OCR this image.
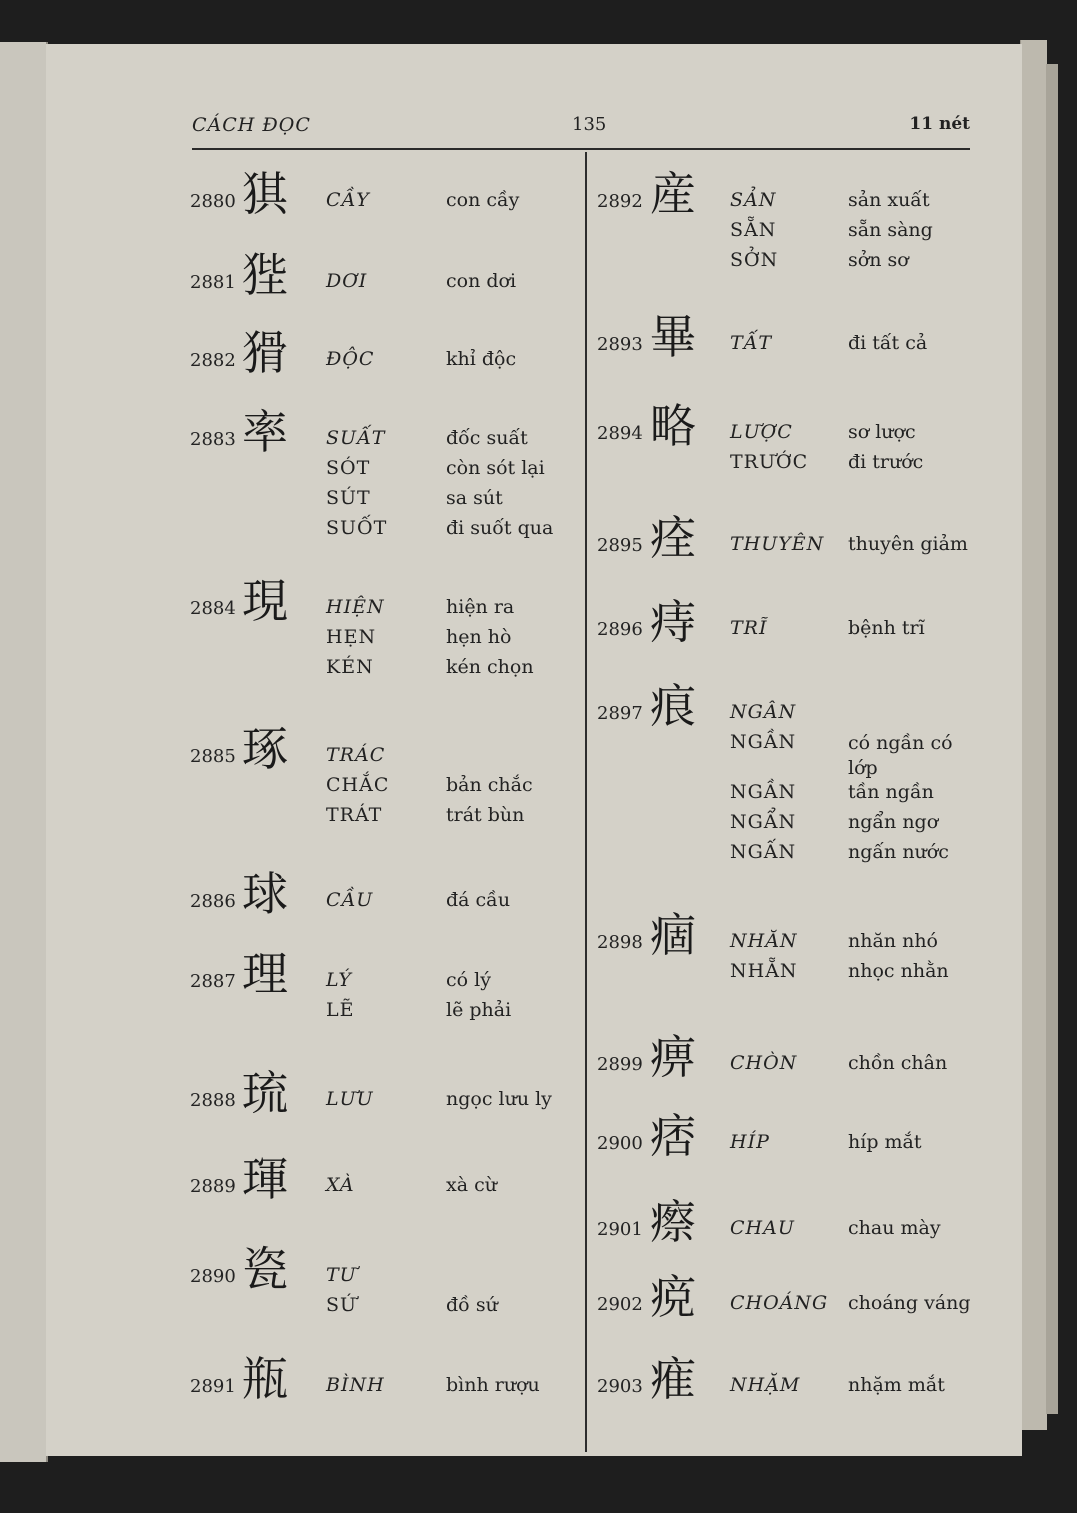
CÁCH ĐỌC	135	11 nét
2880 猉 CẦY	con cầy
2881 狴 DƠI	con dơi
2882 猾 ĐỘC	khỉ độc
2883 率 SUẤT	đốc suất
SÓT	còn sót lại
SÚT	sa sút
SUỐT	đi suốt qua
2884 現 HIỆN	hiện ra
HẸN	hẹn hò
KÉN	kén chọn
2885 琢 TRÁC
CHẮC	bản chắc
TRÁT	trát bùn
2886 球 CẦU	đá cầu
2887 理 LÝ	có lý
LẼ	lẽ phải
2888 琉 LƯU	ngọc lưu ly
2889 琿 XÀ	xà cừ
2890 瓷 TƯ
SỨ	đồ sứ
2891 瓶 BÌNH	bình rượu
2892 産 SẢN	sản xuất
SẴN	sẵn sàng
SỞN	sởn sơ
2893 畢 TẤT	đi tất cả
2894 略 LƯỢC	sơ lược
TRƯỚC đi trước
2895 痊 THUYÊN thuyên giảm
2896 痔 TRĨ	bệnh trĩ
2897 痕 NGÂN
NGẦN	có ngần có lớp
NGẦN	tần ngần
NGẨN	ngẩn ngơ
NGẤN	ngấn nước
2898 痼 NHĂN	nhăn nhó
NHẴN	nhọc nhằn
2899 痹 CHÒN	chồn chân
2900 痞 HÍP	híp mắt
2901 瘵 CHAU	chau mày
2902 痥 CHOÁNG choáng váng
2903 痽 NHẶM	nhặm mắt
